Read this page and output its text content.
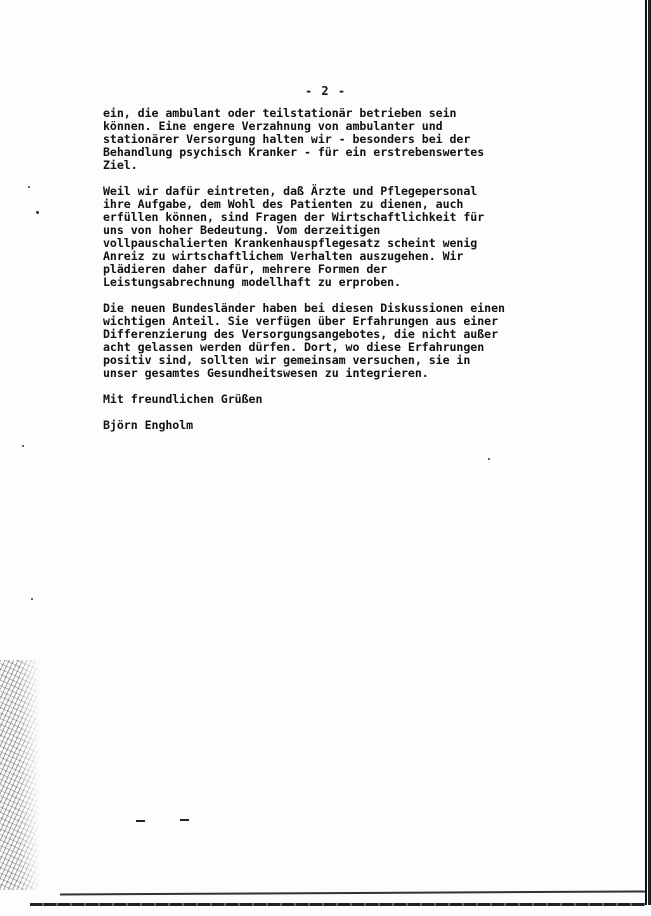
- 2 -
ein, die ambulant oder teilstationär betrieben sein
können. Eine engere Verzahnung von ambulanter und
stationärer Versorgung halten wir - besonders bei der
Behandlung psychisch Kranker - für ein erstrebenswertes
Ziel.
Weil wir dafür eintreten, daß Ärzte und Pflegepersonal
ihre Aufgabe, dem Wohl des Patienten zu dienen, auch
erfüllen können, sind Fragen der Wirtschaftlichkeit für
uns von hoher Bedeutung. Vom derzeitigen
vollpauschalierten Krankenhauspflegesatz scheint wenig
Anreiz zu wirtschaftlichem Verhalten auszugehen. Wir
plädieren daher dafür, mehrere Formen der
Leistungsabrechnung modellhaft zu erproben.
Die neuen Bundesländer haben bei diesen Diskussionen einen
wichtigen Anteil. Sie verfügen über Erfahrungen aus einer
Differenzierung des Versorgungsangebotes, die nicht außer
acht gelassen werden dürfen. Dort, wo diese Erfahrungen
positiv sind, sollten wir gemeinsam versuchen, sie in
unser gesamtes Gesundheitswesen zu integrieren.
Mit freundlichen Grüßen
Björn Engholm
